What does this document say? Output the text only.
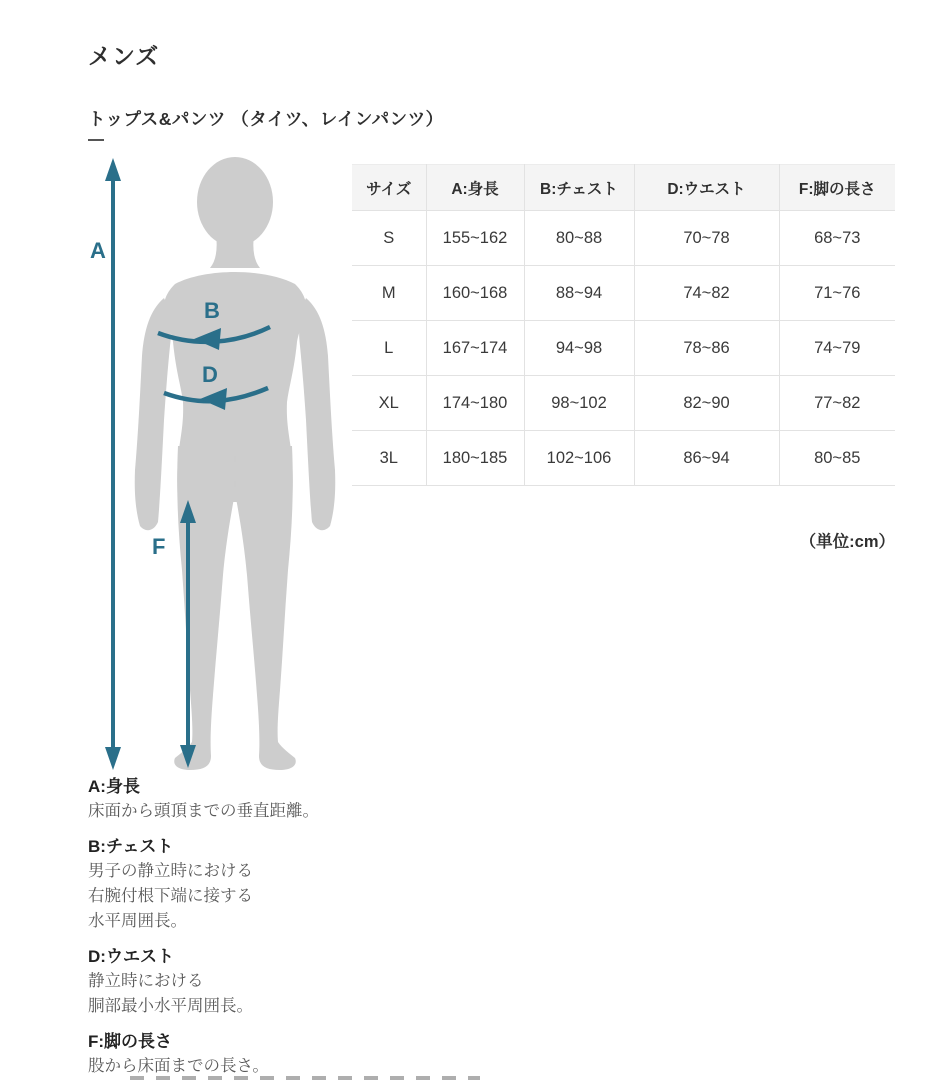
メンズ
トップス&パンツ （タイツ、レインパンツ）
A
B
D
F
サイズ	A:身長	B:チェスト	D:ウエスト	F:脚の長さ
S	155~162	80~88	70~78	68~73
M	160~168	88~94	74~82	71~76
L	167~174	94~98	78~86	74~79
XL	174~180	98~102	82~90	77~82
3L	180~185	102~106	86~94	80~85
（単位:cm）
A:身長
床面から頭頂までの垂直距離。
B:チェスト
男子の静立時における
右腕付根下端に接する
水平周囲長。
D:ウエスト
静立時における
胴部最小水平周囲長。
F:脚の長さ
股から床面までの長さ。
